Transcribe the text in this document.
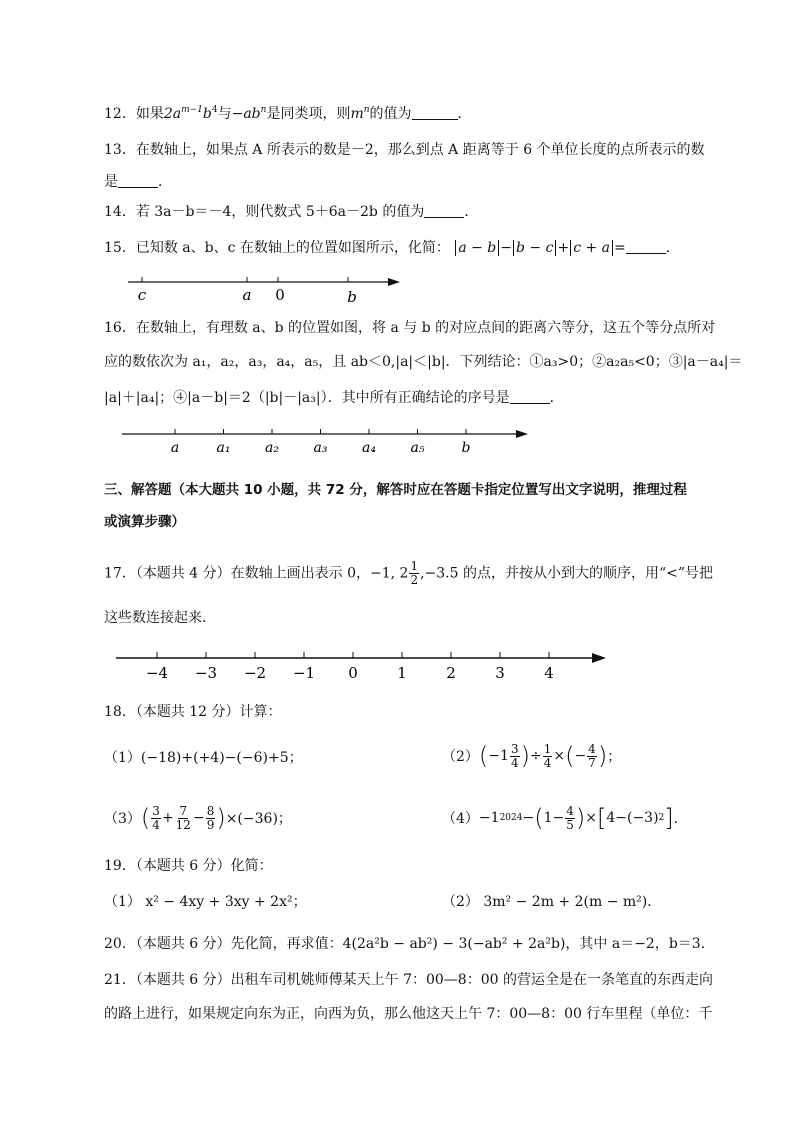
12．如果$2a^{m-1}b^4$与$-ab^n$是同类项，则$m^n$的值为	．
13．在数轴上，如果点 A 所表示的数是－2，那么到点 A 距离等于 6 个单位长度的点所表示的数
是	．
14．若 3a－b＝－4，则代数式 5＋6a－2b 的值为	．
15．已知数 a、b、c 在数轴上的位置如图所示，化简： a − b − b − c + c + a =	．
c	a 0	b
16．在数轴上，有理数 a、b 的位置如图，将 a 与 b 的对应点间的距离六等分，这五个等分点所对
应的数依次为 a₁，a₂，a₃，a₄，a₅，且 ab＜0,|a|＜|b|．下列结论：①a₃>0；②a₂a₅<0；③|a－a₄|＝
|a|＋|a₄|；④|a－b|＝2（|b|－|a₃|）．其中所有正确结论的序号是	．
a	a₁ a₂ a₃ a₄ a₅	b
三、解答题（本大题共 10 小题，共 72 分，解答时应在答题卡指定位置写出文字说明，推理过程
或演算步骤）
17．（本题共 4 分）在数轴上画出表示 0，−1, $2 \frac{1}{2} ,-3.5$ 的点，并按从小到大的顺序，用“<”号把
这些数连接起来．
−4 −3 −2 −1 0	1	2	3	4
18．（本题共 12 分）计算：
（1）(−18)+(+4)−(−6)+5；	（2） ( $-1 \frac{3}{4}$ ) ÷ $\frac{1}{4}$ × ( − $\frac{4}{7}$ ) ；
（3） ( $\frac{3}{4} + \frac{7}{12} - \frac{8}{9}$ ) ×(−36)；	（4） −1 2024 − ( $1- \frac{4}{5}$ ) × [ 4−(−3) 2 ] ．
19．（本题共 6 分）化简：
（1） x² − 4xy + 3xy + 2x²；	（2） 3m² − 2m + 2(m − m²)．
20．（本题共 6 分）先化简，再求值：4(2a²b − ab²) − 3(−ab² + 2a²b)，其中 a＝−2，b＝3．
21．（本题共 6 分）出租车司机姚师傅某天上午 7：00—8：00 的营运全是在一条笔直的东西走向
的路上进行，如果规定向东为正，向西为负，那么他这天上午 7：00—8：00 行车里程（单位：千
